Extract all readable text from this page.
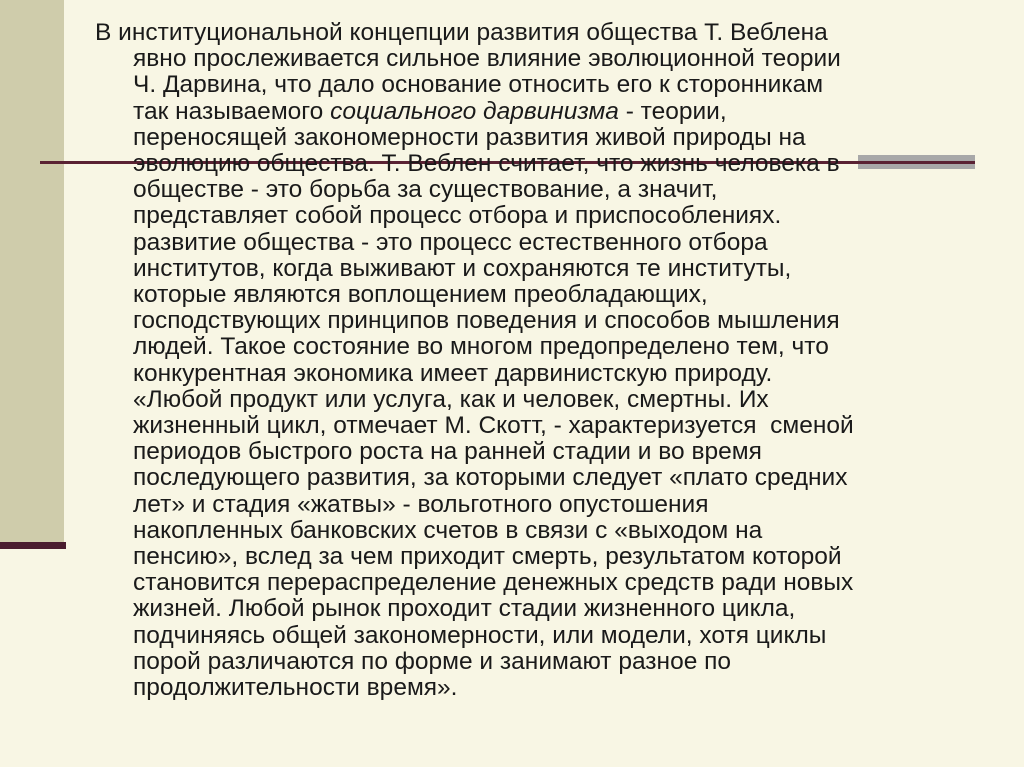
В институциональной концепции развития общества Т. Веблена
явно прослеживается сильное влияние эволюционной теории
Ч. Дарвина, что дало основание относить его к сторонникам
так называемого социального дарвинизма - теории,
переносящей закономерности развития живой природы на
эволюцию общества. Т. Веблен считает, что жизнь человека в
обществе - это борьба за существование, а значит,
представляет собой процесс отбора и приспособлениях.
развитие общества - это процесс естественного отбора
институтов, когда выживают и сохраняются те институты,
которые являются воплощением преобладающих,
господствующих принципов поведения и способов мышления
людей. Такое состояние во многом предопределено тем, что
конкурентная экономика имеет дарвинистскую природу.
«Любой продукт или услуга, как и человек, смертны. Их
жизненный цикл, отмечает М. Скотт, - характеризуется  сменой
периодов быстрого роста на ранней стадии и во время
последующего развития, за которыми следует «плато средних
лет» и стадия «жатвы» - вольготного опустошения
накопленных банковских счетов в связи с «выходом на
пенсию», вслед за чем приходит смерть, результатом которой
становится перераспределение денежных средств ради новых
жизней. Любой рынок проходит стадии жизненного цикла,
подчиняясь общей закономерности, или модели, хотя циклы
порой различаются по форме и занимают разное по
продолжительности время».
